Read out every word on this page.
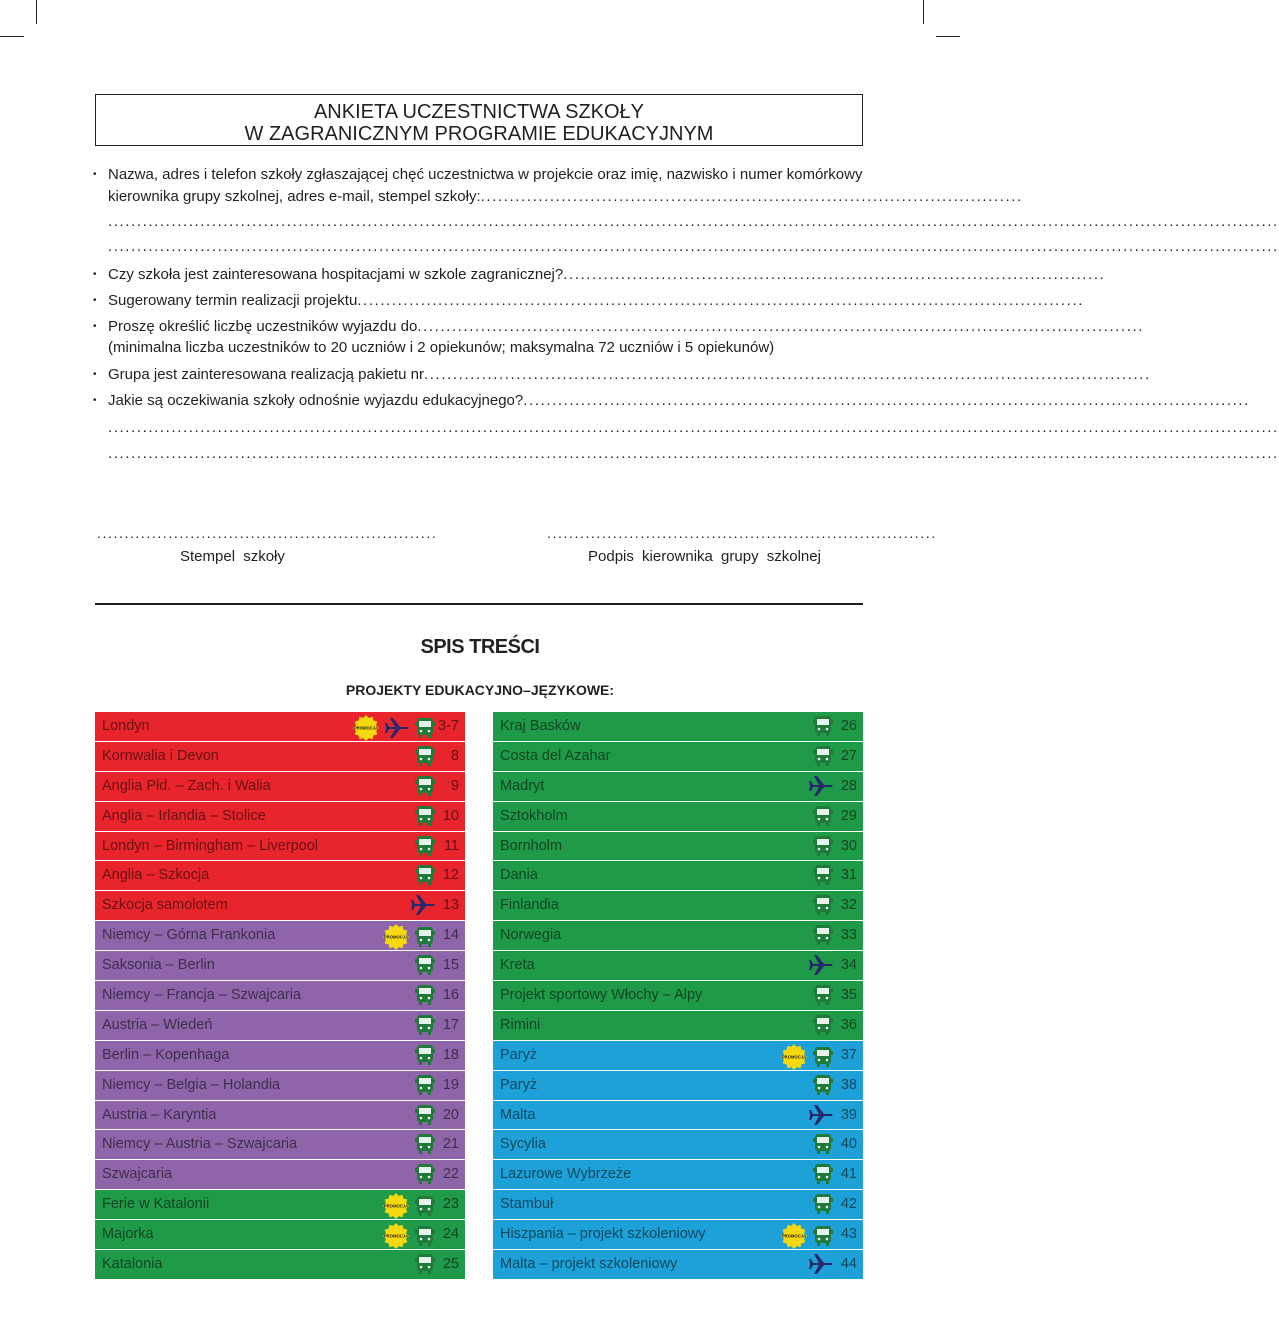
ANKIETA UCZESTNICTWA SZKOŁY
W ZAGRANICZNYM PROGRAMIE EDUKACYJNYM
• Nazwa, adres i telefon szkoły zgłaszającej chęć uczestnictwa w projekcie oraz imię, nazwisko i numer komórkowy
kierownika grupy szkolnej, adres e-mail, stempel szkoły:..............................................................................................
...........................................................................................................................................................................................................
...........................................................................................................................................................................................................
• Czy szkoła jest zainteresowana hospitacjami w szkole zagranicznej?..............................................................................................
• Sugerowany termin realizacji projektu..............................................................................................................................
• Proszę określić liczbę uczestników wyjazdu do..............................................................................................................................
(minimalna liczba uczestników to 20 uczniów i 2 opiekunów; maksymalna 72 uczniów i 5 opiekunów)
• Grupa jest zainteresowana realizacją pakietu nr..............................................................................................................................
• Jakie są oczekiwania szkoły odnośnie wyjazdu edukacyjnego?..............................................................................................................................
...........................................................................................................................................................................................................
...........................................................................................................................................................................................................
..............................................................
Stempel szkoły
.......................................................................
Podpis kierownika grupy szkolnej
SPIS TREŚCI
PROJEKTY EDUKACYJNO–JĘZYKOWE:
Londyn	PROMOCJA	3-7
Kornwalia i Devon	8
Anglia Płd. – Zach. i Walia	9
Anglia – Irlandia – Stolice	10
Londyn – Birmingham – Liverpool	11
Anglia – Szkocja	12
Szkocja samolotem	13
Niemcy – Górna Frankonia	PROMOCJA 14
Saksonia – Berlin	15
Niemcy – Francja – Szwajcaria	16
Austria – Wiedeń	17
Berlin – Kopenhaga	18
Niemcy – Belgia – Holandia	19
Austria – Karyntia	20
Niemcy – Austria – Szwajcaria	21
Szwajcaria	22
Ferie w Katalonii	PROMOCJA 23
Majorka	PROMOCJA 24
Katalonia	25
Kraj Basków	26
Costa del Azahar	27
Madryt	28
Sztokholm	29
Bornholm	30
Dania	31
Finlandia	32
Norwegia	33
Kreta	34
Projekt sportowy Włochy – Alpy	35
Rimini	36
Paryż	PROMOCJA 37
Paryż	38
Malta	39
Sycylia	40
Lazurowe Wybrzeże	41
Stambuł	42
Hiszpania – projekt szkoleniowy	PROMOCJA 43
Malta – projekt szkoleniowy	44
